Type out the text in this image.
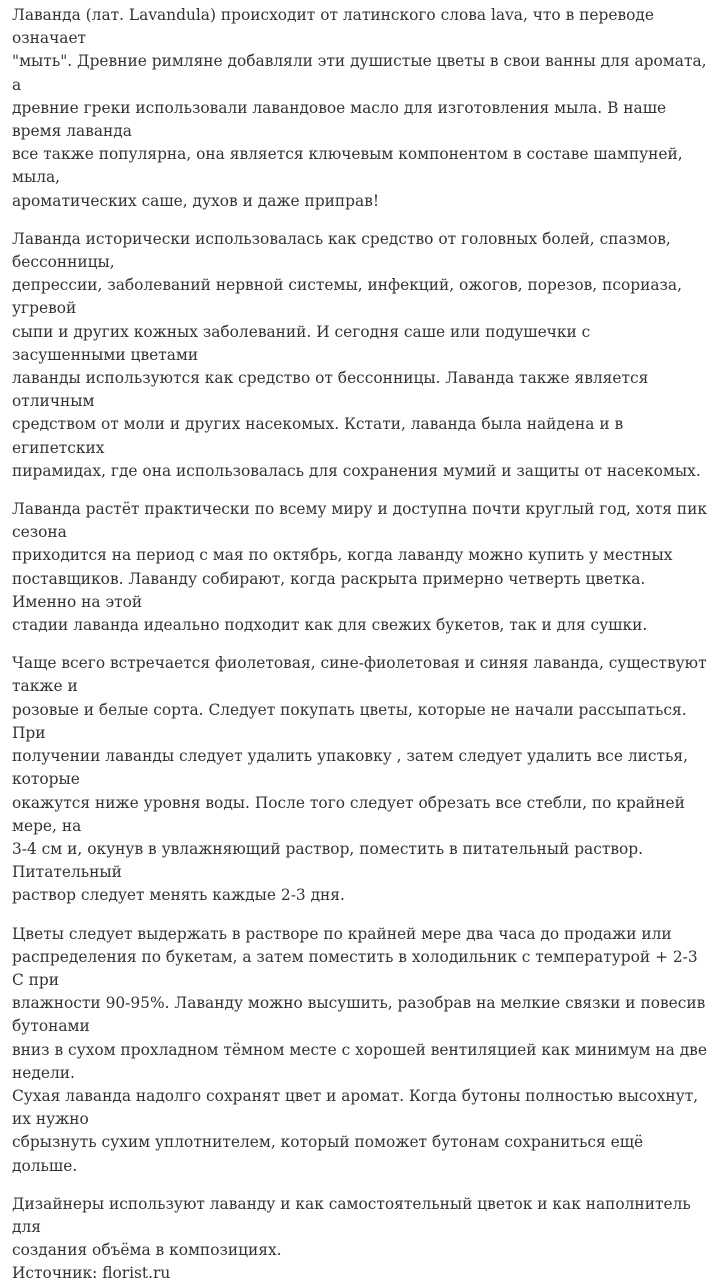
Лаванда (лат. Lavandula) происходит от латинского слова lava, что в переводе означает
"мыть". Древние римляне добавляли эти душистые цветы в свои ванны для аромата, а
древние греки использовали лавандовое масло для изготовления мыла. В наше время лаванда
все также популярна, она является ключевым компонентом в составе шампуней, мыла,
ароматических саше, духов и даже приправ!

Лаванда исторически использовалась как средство от головных болей, спазмов, бессонницы,
депрессии, заболеваний нервной системы, инфекций, ожогов, порезов, псориаза, угревой
сыпи и других кожных заболеваний. И сегодня саше или подушечки с засушенными цветами
лаванды используются как средство от бессонницы. Лаванда также является отличным
средством от моли и других насекомых. Кстати, лаванда была найдена и в египетских
пирамидах, где она использовалась для сохранения мумий и защиты от насекомых.

Лаванда растёт практически по всему миру и доступна почти круглый год, хотя пик сезона
приходится на период с мая по октябрь, когда лаванду можно купить у местных
поставщиков. Лаванду собирают, когда раскрыта примерно четверть цветка. Именно на этой
стадии лаванда идеально подходит как для свежих букетов, так и для сушки.

Чаще всего встречается фиолетовая, сине-фиолетовая и синяя лаванда, существуют также и
розовые и белые сорта. Следует покупать цветы, которые не начали рассыпаться. При
получении лаванды следует удалить упаковку , затем следует удалить все листья, которые
окажутся ниже уровня воды. После того следует обрезать все стебли, по крайней мере, на
3-4 см и, окунув в увлажняющий раствор, поместить в питательный раствор. Питательный
раствор следует менять каждые 2-3 дня.

Цветы следует выдержать в растворе по крайней мере два часа до продажи или
распределения по букетам, а затем поместить в холодильник с температурой + 2-3 С при
влажности 90-95%. Лаванду можно высушить, разобрав на мелкие связки и повесив бутонами
вниз в сухом прохладном тёмном месте с хорошей вентиляцией как минимум на две недели.
Сухая лаванда надолго сохранят цвет и аромат. Когда бутоны полностью высохнут, их нужно
сбрызнуть сухим уплотнителем, который поможет бутонам сохраниться ещё дольше.

Дизайнеры используют лаванду и как самостоятельный цветок и как наполнитель для
создания объёма в композициях.

Источник: florist.ru
